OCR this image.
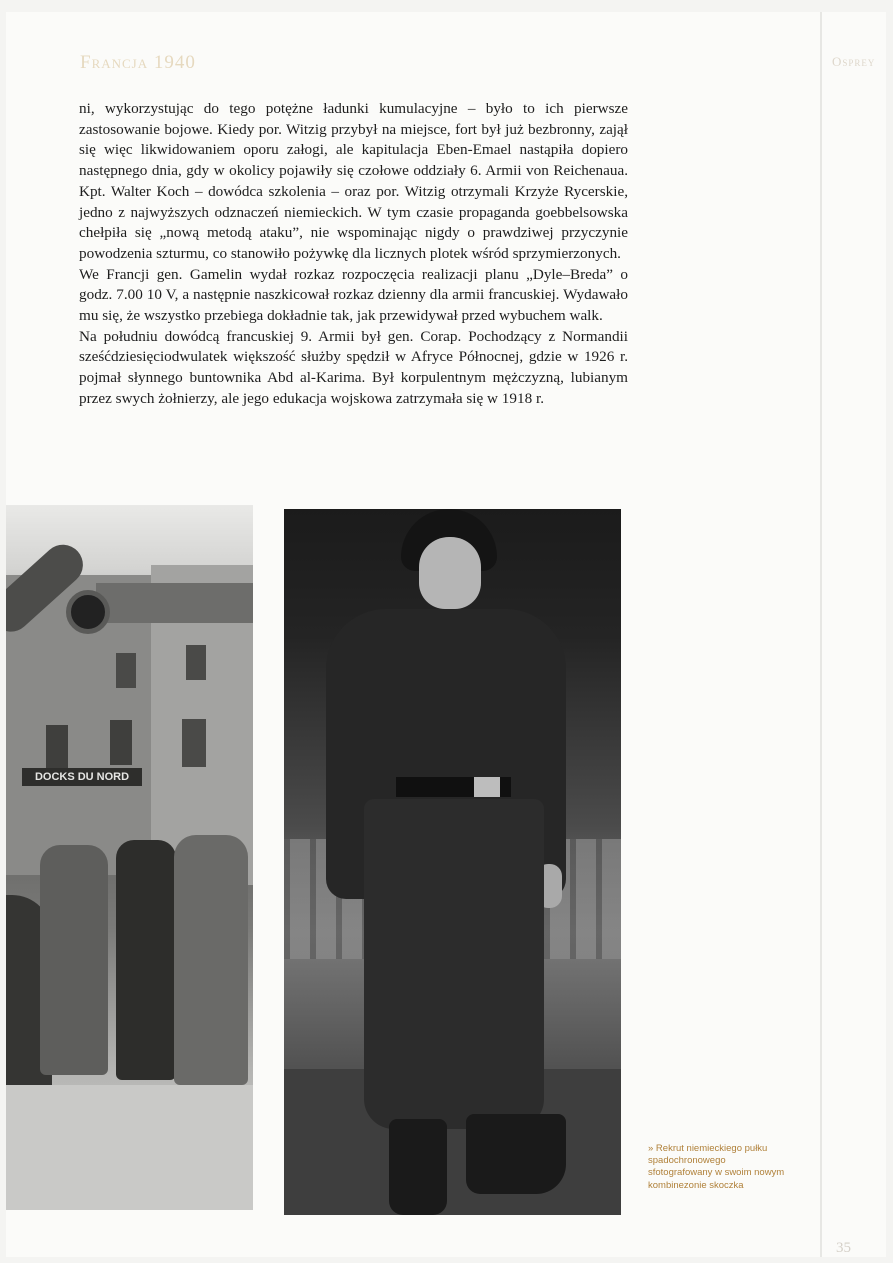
Francja 1940	Osprey

ni, wykorzystując do tego potężne ładunki kumulacyjne – było to ich pierwsze zastosowanie bojowe. Kiedy por. Witzig przybył na miejsce, fort był już bezbronny, zajął się więc likwidowaniem oporu załogi, ale kapitulacja Eben-Emael nastąpiła dopiero następnego dnia, gdy w okolicy pojawiły się czołowe oddziały 6. Armii von Reichenaua. Kpt. Walter Koch – dowódca szkolenia – oraz por. Witzig otrzymali Krzyże Rycerskie, jedno z najwyższych odznaczeń niemieckich. W tym czasie propaganda goebbelsowska chełpiła się „nową metodą ataku”, nie wspominając nigdy o prawdziwej przyczynie powodzenia szturmu, co stanowiło pożywkę dla licznych plotek wśród sprzymierzonych.

We Francji gen. Gamelin wydał rozkaz rozpoczęcia realizacji planu „Dyle–Breda” o godz. 7.00 10 V, a następnie naszkicował rozkaz dzienny dla armii francuskiej. Wydawało mu się, że wszystko przebiega dokładnie tak, jak przewidywał przed wybuchem walk.

Na południu dowódcą francuskiej 9. Armii był gen. Corap. Pochodzący z Normandii sześćdziesięciodwulatek większość służby spędził w Afryce Północnej, gdzie w 1926 r. pojmał słynnego buntownika Abd al-Karima. Był korpulentnym mężczyzną, lubianym przez swych żołnierzy, ale jego edukacja wojskowa zatrzymała się w 1918 r.

DOCKS DU NORD

» Rekrut niemieckiego pułku spadochronowego sfotografowany w swoim nowym kombinezonie skoczka

35
